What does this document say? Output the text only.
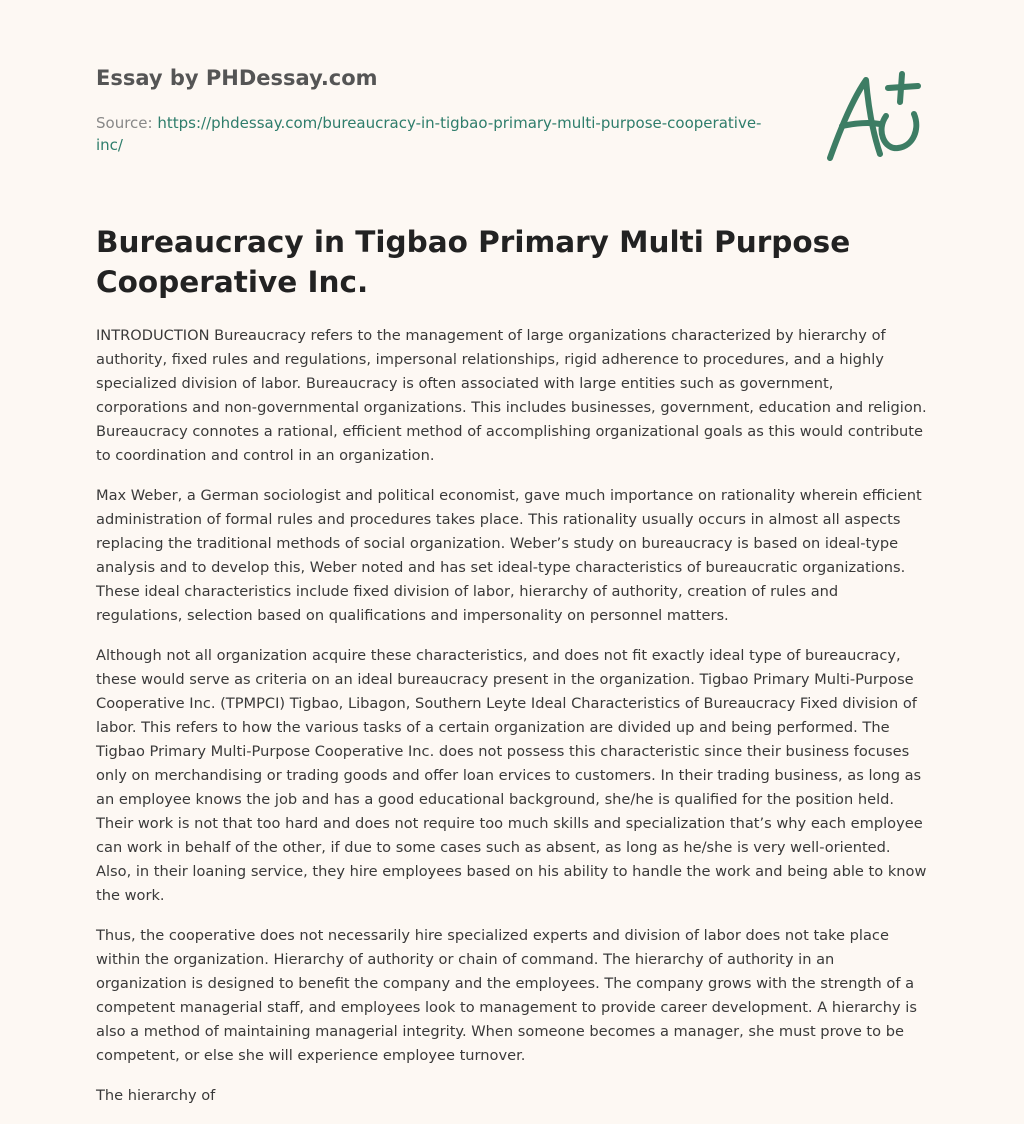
Essay by PHDessay.com
Source: https://phdessay.com/bureaucracy-in-tigbao-primary-multi-purpose-cooperative-inc/
Bureaucracy in Tigbao Primary Multi Purpose Cooperative Inc.

INTRODUCTION Bureaucracy refers to the management of large organizations characterized by hierarchy of authority, fixed rules and regulations, impersonal relationships, rigid adherence to procedures, and a highly specialized division of labor. Bureaucracy is often associated with large entities such as government, corporations and non-governmental organizations. This includes businesses, government, education and religion. Bureaucracy connotes a rational, efficient method of accomplishing organizational goals as this would contribute to coordination and control in an organization.

Max Weber, a German sociologist and political economist, gave much importance on rationality wherein efficient administration of formal rules and procedures takes place. This rationality usually occurs in almost all aspects replacing the traditional methods of social organization. Weber’s study on bureaucracy is based on ideal-type analysis and to develop this, Weber noted and has set ideal-type characteristics of bureaucratic organizations. These ideal characteristics include fixed division of labor, hierarchy of authority, creation of rules and regulations, selection based on qualifications and impersonality on personnel matters.

Although not all organization acquire these characteristics, and does not fit exactly ideal type of bureaucracy, these would serve as criteria on an ideal bureaucracy present in the organization. Tigbao Primary Multi-Purpose Cooperative Inc. (TPMPCI) Tigbao, Libagon, Southern Leyte Ideal Characteristics of Bureaucracy Fixed division of labor. This refers to how the various tasks of a certain organization are divided up and being performed. The Tigbao Primary Multi-Purpose Cooperative Inc. does not possess this characteristic since their business focuses only on merchandising or trading goods and offer loan ervices to customers. In their trading business, as long as an employee knows the job and has a good educational background, she/he is qualified for the position held. Their work is not that too hard and does not require too much skills and specialization that’s why each employee can work in behalf of the other, if due to some cases such as absent, as long as he/she is very well-oriented. Also, in their loaning service, they hire employees based on his ability to handle the work and being able to know the work.

Thus, the cooperative does not necessarily hire specialized experts and division of labor does not take place within the organization. Hierarchy of authority or chain of command. The hierarchy of authority in an organization is designed to benefit the company and the employees. The company grows with the strength of a competent managerial staff, and employees look to management to provide career development. A hierarchy is also a method of maintaining managerial integrity. When someone becomes a manager, she must prove to be competent, or else she will experience employee turnover.

The hierarchy of
